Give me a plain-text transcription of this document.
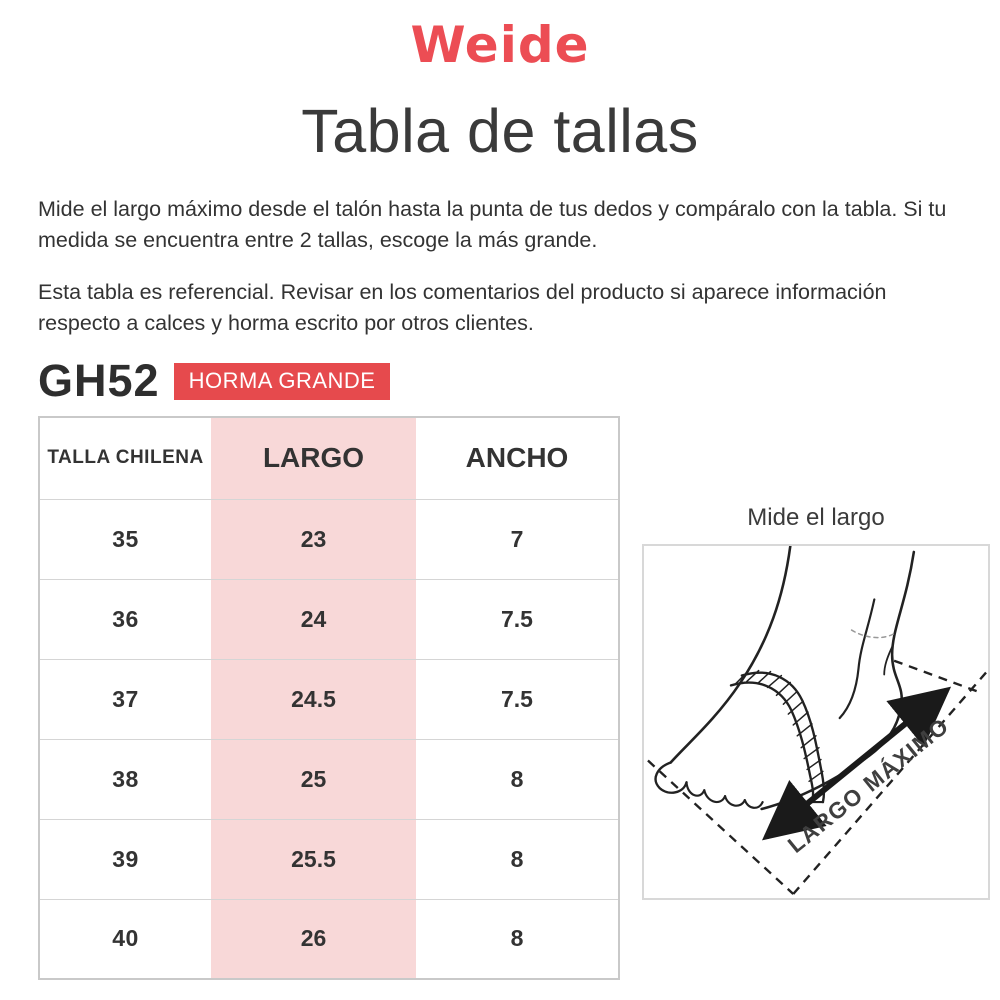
Weide
Tabla de tallas

Mide el largo máximo desde el talón hasta la punta de tus dedos y compáralo con la tabla. Si tu medida se encuentra entre 2 tallas, escoge la más grande.

Esta tabla es referencial. Revisar en los comentarios del producto si aparece información respecto a calces y horma escrito por otros clientes.

GH52	HORMA GRANDE
TALLA CHILENA	LARGO	ANCHO
35	23	7
36	24	7.5
37	24.5	7.5
38	25	8
39	25.5	8
40	26	8
Mide el largo
LARGO MÁXIMO
